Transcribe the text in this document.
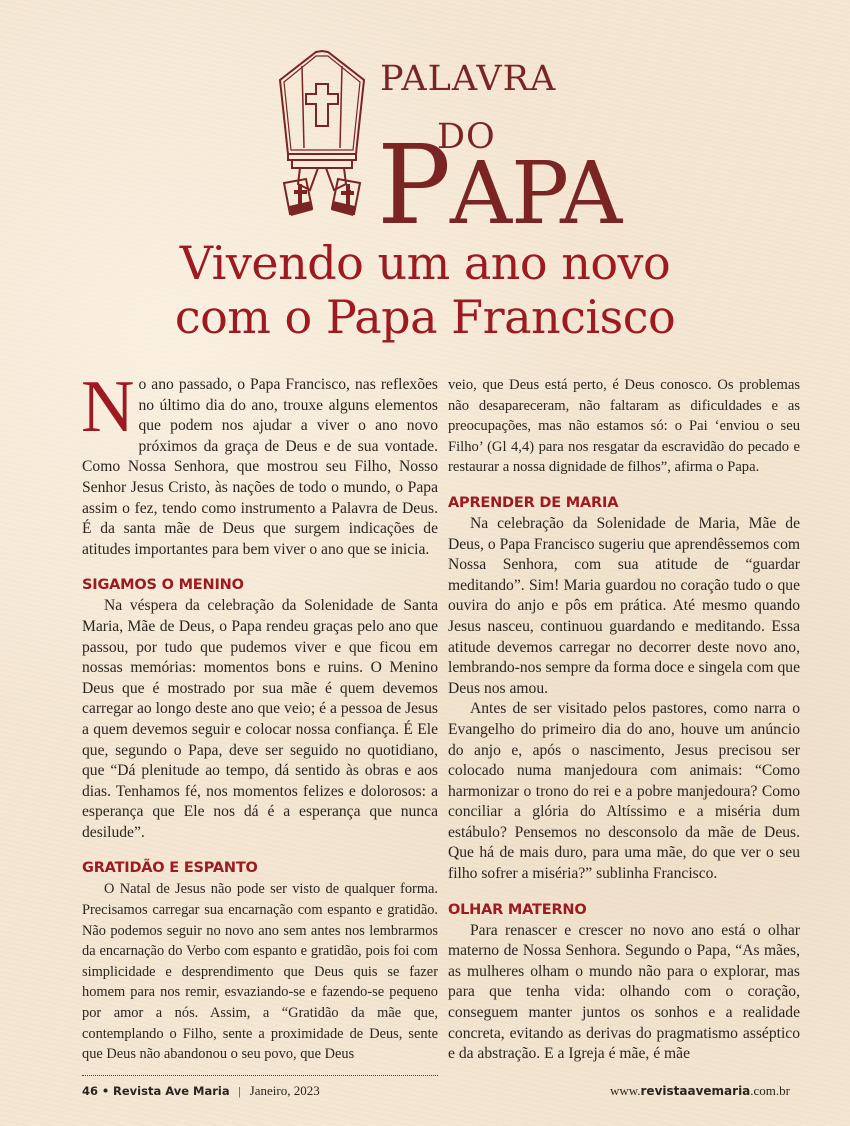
PALAVRA
DO
PAPA
Vivendo um ano novo
com o Papa Francisco

No ano passado, o Papa Francisco, nas reflexões no último dia do ano, trouxe alguns elementos que podem nos ajudar a viver o ano novo próximos da graça de Deus e de sua vontade. Como Nossa Senhora, que mostrou seu Filho, Nosso Senhor Jesus Cristo, às nações de todo o mundo, o Papa assim o fez, tendo como instrumento a Palavra de Deus. É da santa mãe de Deus que surgem indicações de atitudes importantes para bem viver o ano que se inicia.

SIGAMOS O MENINO

Na véspera da celebração da Solenidade de Santa Maria, Mãe de Deus, o Papa rendeu graças pelo ano que passou, por tudo que pudemos viver e que ficou em nossas memórias: momentos bons e ruins. O Menino Deus que é mostrado por sua mãe é quem devemos carregar ao longo deste ano que veio; é a pessoa de Jesus a quem devemos seguir e colocar nossa confiança. É Ele que, segundo o Papa, deve ser seguido no quotidiano, que “Dá plenitude ao tempo, dá sentido às obras e aos dias. Tenhamos fé, nos momentos felizes e dolorosos: a esperança que Ele nos dá é a esperança que nunca desilude”.

GRATIDÃO E ESPANTO

O Natal de Jesus não pode ser visto de qualquer forma. Precisamos carregar sua encarnação com espanto e gratidão. Não podemos seguir no novo ano sem antes nos lembrarmos da encarnação do Verbo com espanto e gratidão, pois foi com simplicidade e desprendimento que Deus quis se fazer homem para nos remir, esvaziando-se e fazendo-se pequeno por amor a nós. Assim, a “Gratidão da mãe que, contemplando o Filho, sente a proximidade de Deus, sente que Deus não abandonou o seu povo, que Deus

veio, que Deus está perto, é Deus conosco. Os problemas não desapareceram, não faltaram as dificuldades e as preocupações, mas não estamos só: o Pai ‘enviou o seu Filho’ (Gl 4,4) para nos resgatar da escravidão do pecado e restaurar a nossa dignidade de filhos”, afirma o Papa.

APRENDER DE MARIA

Na celebração da Solenidade de Maria, Mãe de Deus, o Papa Francisco sugeriu que aprendêssemos com Nossa Senhora, com sua atitude de “guardar meditando”. Sim! Maria guardou no coração tudo o que ouvira do anjo e pôs em prática. Até mesmo quando Jesus nasceu, continuou guardando e meditando. Essa atitude devemos carregar no decorrer deste novo ano, lembrando-nos sempre da forma doce e singela com que Deus nos amou.

Antes de ser visitado pelos pastores, como narra o Evangelho do primeiro dia do ano, houve um anúncio do anjo e, após o nascimento, Jesus precisou ser colocado numa manjedoura com animais: “Como harmonizar o trono do rei e a pobre manjedoura? Como conciliar a glória do Altíssimo e a miséria dum estábulo? Pensemos no desconsolo da mãe de Deus. Que há de mais duro, para uma mãe, do que ver o seu filho sofrer a miséria?” sublinha Francisco.

OLHAR MATERNO

Para renascer e crescer no novo ano está o olhar materno de Nossa Senhora. Segundo o Papa, “As mães, as mulheres olham o mundo não para o explorar, mas para que tenha vida: olhando com o coração, conseguem manter juntos os sonhos e a realidade concreta, evitando as derivas do pragmatismo asséptico e da abstração. E a Igreja é mãe, é mãe

46 • Revista Ave Maria | Janeiro, 2023	www.revistaavemaria.com.br
